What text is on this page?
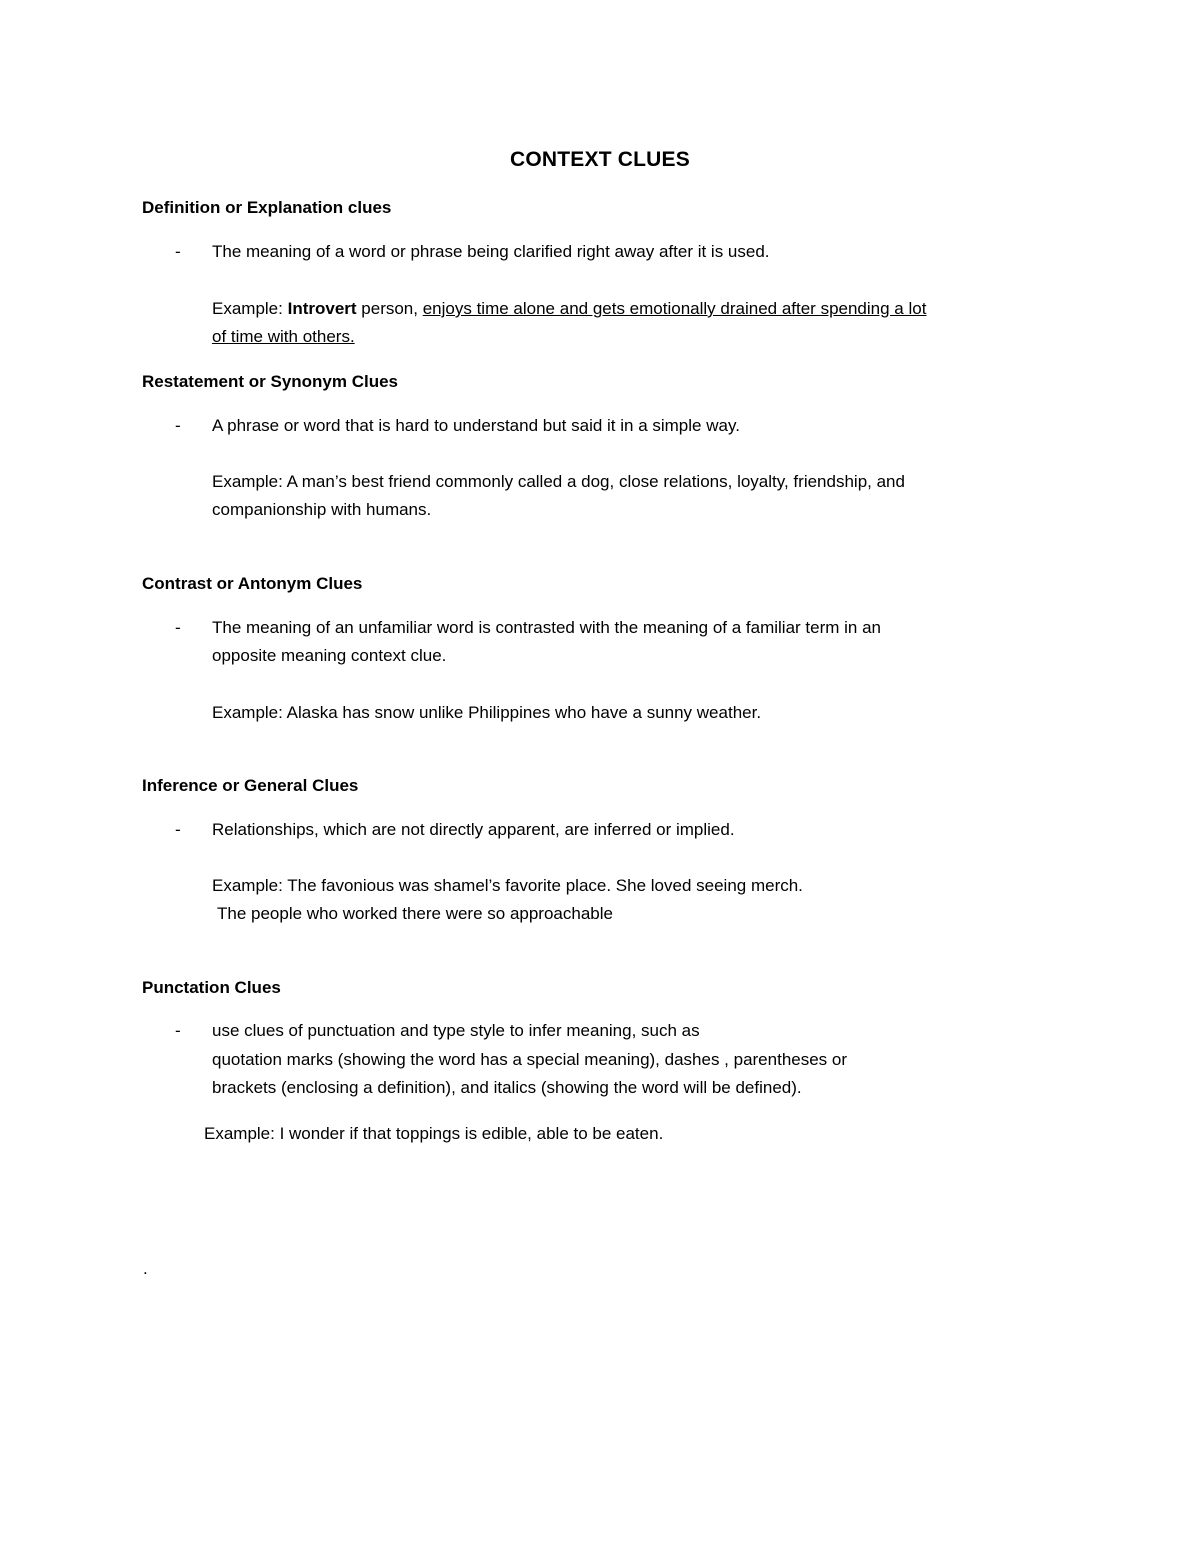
CONTEXT CLUES
Definition or Explanation clues
- The meaning of a word or phrase being clarified right away after it is used.
Example: Introvert person, enjoys time alone and gets emotionally drained after spending a lot
of time with others.
Restatement or Synonym Clues
- A phrase or word that is hard to understand but said it in a simple way.
Example: A man’s best friend commonly called a dog, close relations, loyalty, friendship, and
companionship with humans.
Contrast or Antonym Clues
- The meaning of an unfamiliar word is contrasted with the meaning of a familiar term in an
opposite meaning context clue.
Example: Alaska has snow unlike Philippines who have a sunny weather.
Inference or General Clues
- Relationships, which are not directly apparent, are inferred or implied.
Example: The favonious was shamel’s favorite place. She loved seeing merch.
The people who worked there were so approachable
Punctation Clues
- use clues of punctuation and type style to infer meaning, such as
quotation marks (showing the word has a special meaning), dashes , parentheses or
brackets (enclosing a definition), and italics (showing the word will be defined).
Example: I wonder if that toppings is edible, able to be eaten.
.
